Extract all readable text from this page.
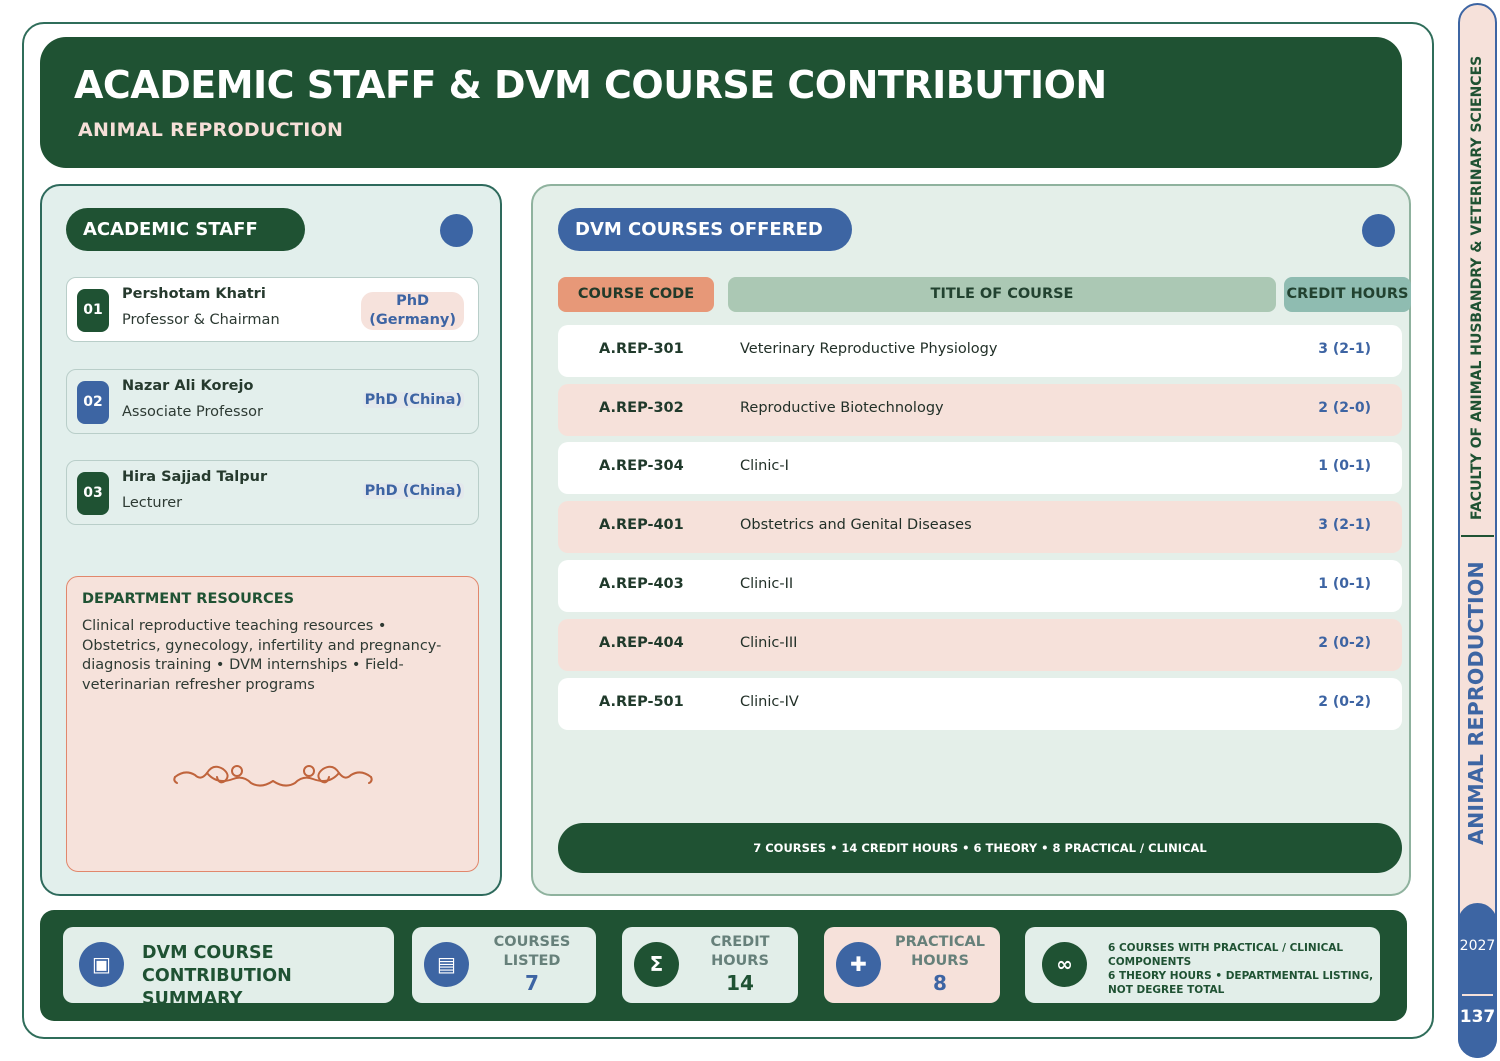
ACADEMIC STAFF & DVM COURSE CONTRIBUTION
ANIMAL REPRODUCTION
ACADEMIC STAFF
01
Pershotam Khatri
Professor & Chairman
PhD
(Germany)
02
Nazar Ali Korejo
Associate Professor
PhD (China)
03
Hira Sajjad Talpur
Lecturer
PhD (China)
DEPARTMENT RESOURCES
Clinical reproductive teaching resources • Obstetrics, gynecology, infertility and pregnancy-diagnosis training • DVM internships • Field-veterinarian refresher programs
DVM COURSES OFFERED
COURSE CODE	TITLE OF COURSE	CREDIT HOURS
A.REP-301	Veterinary Reproductive Physiology	3 (2-1)
A.REP-302	Reproductive Biotechnology	2 (2-0)
A.REP-304	Clinic-I	1 (0-1)
A.REP-401	Obstetrics and Genital Diseases	3 (2-1)
A.REP-403	Clinic-II	1 (0-1)
A.REP-404	Clinic-III	2 (0-2)
A.REP-501	Clinic-IV	2 (0-2)
7 COURSES • 14 CREDIT HOURS • 6 THEORY • 8 PRACTICAL / CLINICAL
▣	DVM COURSE CONTRIBUTION SUMMARY
▤
COURSES LISTED
7
Σ
CREDIT HOURS
14
✚
PRACTICAL HOURS
8
∞
6 COURSES WITH PRACTICAL / CLINICAL COMPONENTS
6 THEORY HOURS • DEPARTMENTAL LISTING, NOT DEGREE TOTAL
FACULTY OF ANIMAL HUSBANDRY & VETERINARY SCIENCES
ANIMAL REPRODUCTION
2027
137
